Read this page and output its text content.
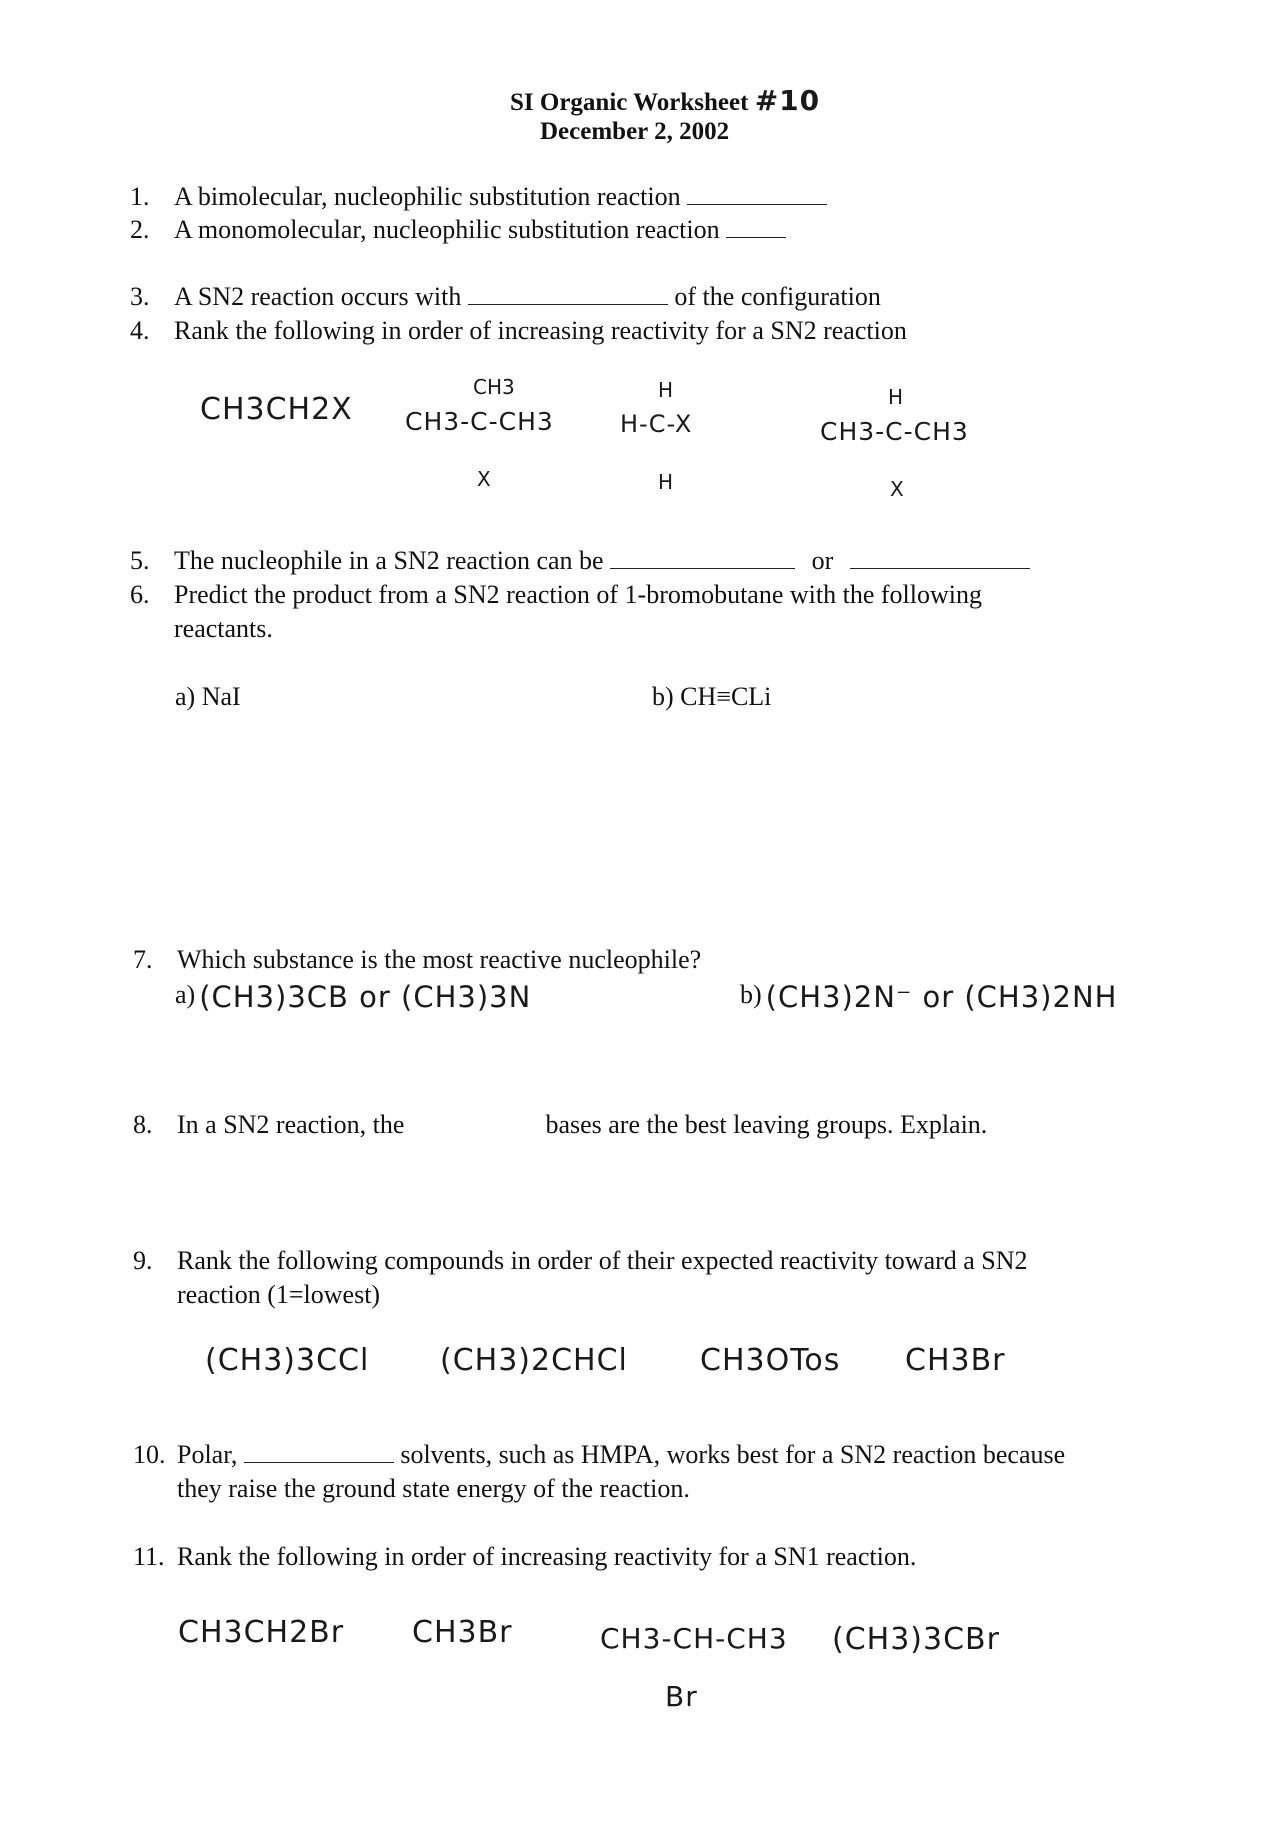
SI Organic Worksheet #10
December 2, 2002
1. A bimolecular, nucleophilic substitution reaction
2. A monomolecular, nucleophilic substitution reaction
3. A SN2 reaction occurs with	of the configuration
4. Rank the following in order of increasing reactivity for a SN2 reaction
CH3CH2X
CH3
CH3-C-CH3
X
H
H-C-X
H
H
CH3-C-CH3
X
5. The nucleophile in a SN2 reaction can be	or
6. Predict the product from a SN2 reaction of 1-bromobutane with the following
reactants.
a) NaI	b) CH≡CLi
7. Which substance is the most reactive nucleophile?
a) (CH3)3CB or (CH3)3N	b) (CH3)2N⁻ or (CH3)2NH
8. In a SN2 reaction, the	bases are the best leaving groups. Explain.
9. Rank the following compounds in order of their expected reactivity toward a SN2
reaction (1=lowest)
(CH3)3CCl (CH3)2CHCl CH3OTos CH3Br
10. Polar,	solvents, such as HMPA, works best for a SN2 reaction because
they raise the ground state energy of the reaction.
11. Rank the following in order of increasing reactivity for a SN1 reaction.
CH3CH2Br CH3Br	CH3-CH-CH3
Br
(CH3)3CBr
